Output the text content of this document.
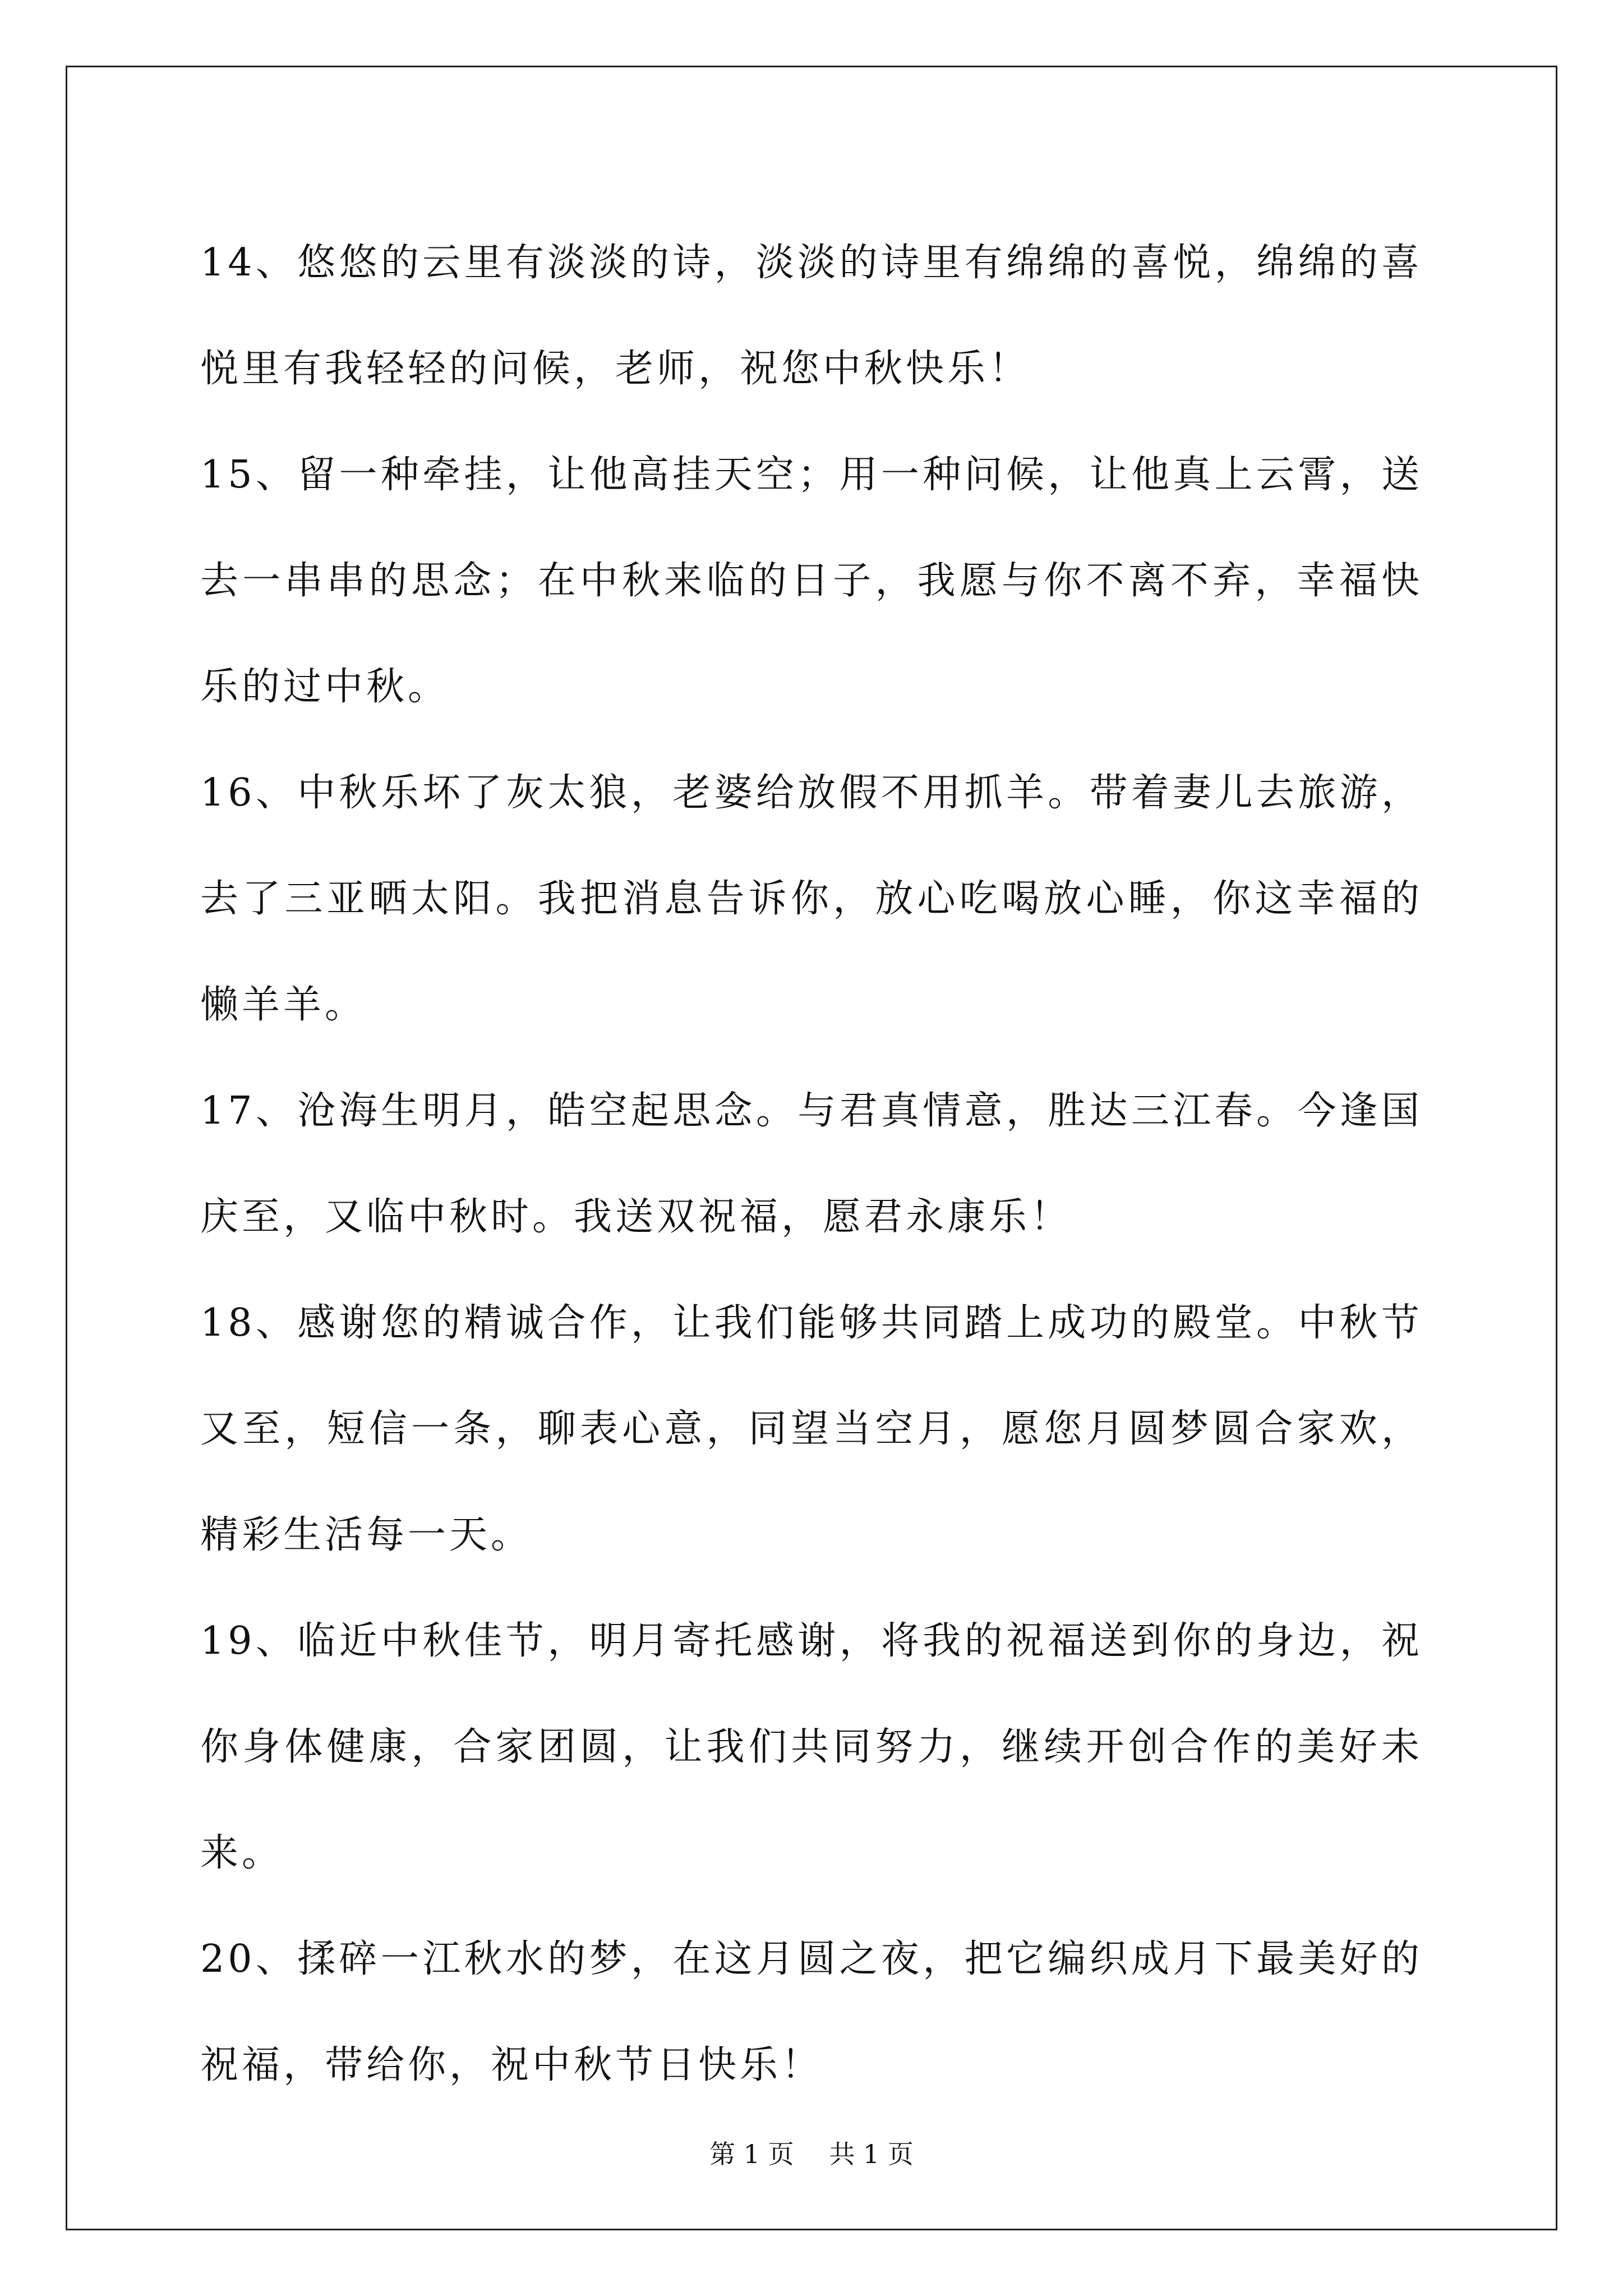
14、悠悠的云里有淡淡的诗，淡淡的诗里有绵绵的喜悦，绵绵的喜悦里有我轻轻的问候，老师，祝您中秋快乐！

15、留一种牵挂，让他高挂天空；用一种问候，让他真上云霄，送去一串串的思念；在中秋来临的日子，我愿与你不离不弃，幸福快乐的过中秋。

16、中秋乐坏了灰太狼，老婆给放假不用抓羊。带着妻儿去旅游，去了三亚晒太阳。我把消息告诉你，放心吃喝放心睡，你这幸福的懒羊羊。

17、沧海生明月，皓空起思念。与君真情意，胜达三江春。今逢国庆至，又临中秋时。我送双祝福，愿君永康乐！

18、感谢您的精诚合作，让我们能够共同踏上成功的殿堂。中秋节又至，短信一条，聊表心意，同望当空月，愿您月圆梦圆合家欢，精彩生活每一天。

19、临近中秋佳节，明月寄托感谢，将我的祝福送到你的身边，祝你身体健康，合家团圆，让我们共同努力，继续开创合作的美好未来。

20、揉碎一江秋水的梦，在这月圆之夜，把它编织成月下最美好的祝福，带给你，祝中秋节日快乐！

第 1 页 共 1 页
